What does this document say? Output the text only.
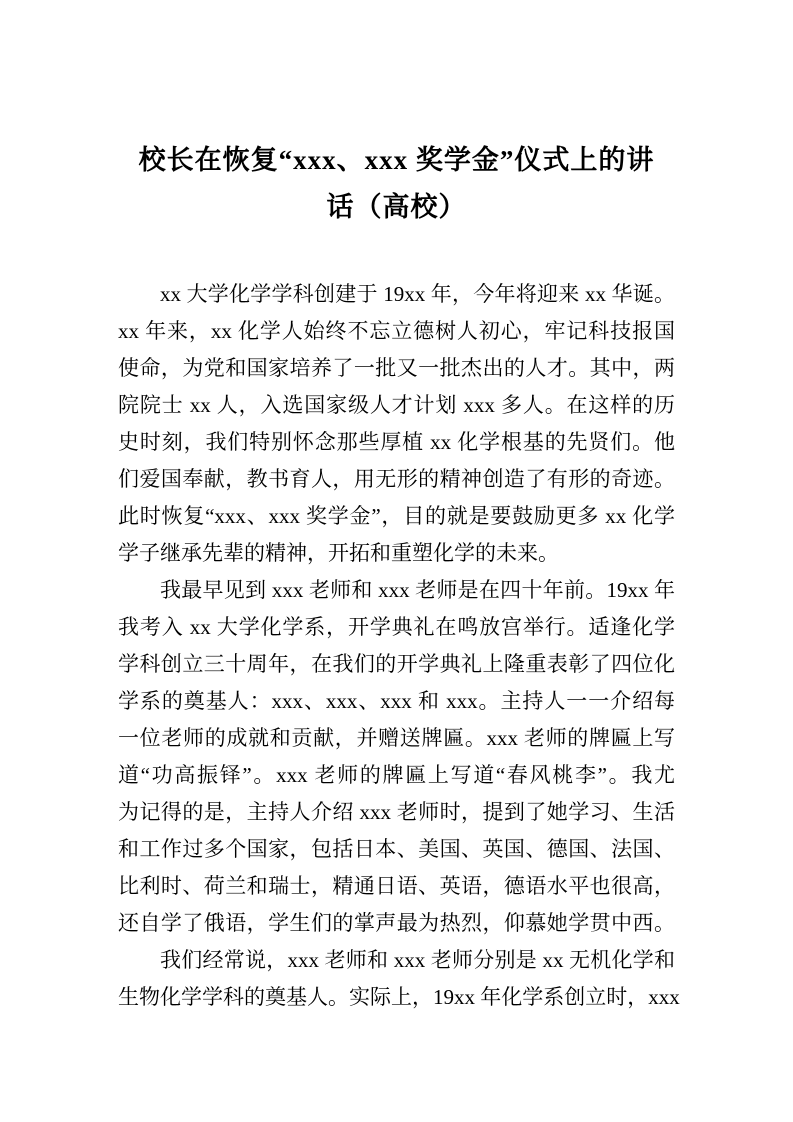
校长在恢复“xxx、xxx 奖学金”仪式上的讲
话（高校）
xx 大学化学学科创建于 19xx 年，今年将迎来 xx 华诞。
xx 年来，xx 化学人始终不忘立德树人初心，牢记科技报国
使命，为党和国家培养了一批又一批杰出的人才。其中，两
院院士 xx 人，入选国家级人才计划 xxx 多人。在这样的历
史时刻，我们特别怀念那些厚植 xx 化学根基的先贤们。他
们爱国奉献，教书育人，用无形的精神创造了有形的奇迹。
此时恢复“xxx、xxx 奖学金”，目的就是要鼓励更多 xx 化学
学子继承先辈的精神，开拓和重塑化学的未来。
我最早见到 xxx 老师和 xxx 老师是在四十年前。19xx 年
我考入 xx 大学化学系，开学典礼在鸣放宫举行。适逢化学
学科创立三十周年，在我们的开学典礼上隆重表彰了四位化
学系的奠基人：xxx、xxx、xxx 和 xxx。主持人一一介绍每
一位老师的成就和贡献，并赠送牌匾。xxx 老师的牌匾上写
道“功高振铎”。xxx 老师的牌匾上写道“春风桃李”。我尤
为记得的是，主持人介绍 xxx 老师时，提到了她学习、生活
和工作过多个国家，包括日本、美国、英国、德国、法国、
比利时、荷兰和瑞士，精通日语、英语，德语水平也很高，
还自学了俄语，学生们的掌声最为热烈，仰慕她学贯中西。
我们经常说，xxx 老师和 xxx 老师分别是 xx 无机化学和
生物化学学科的奠基人。实际上，19xx 年化学系创立时，xxx
